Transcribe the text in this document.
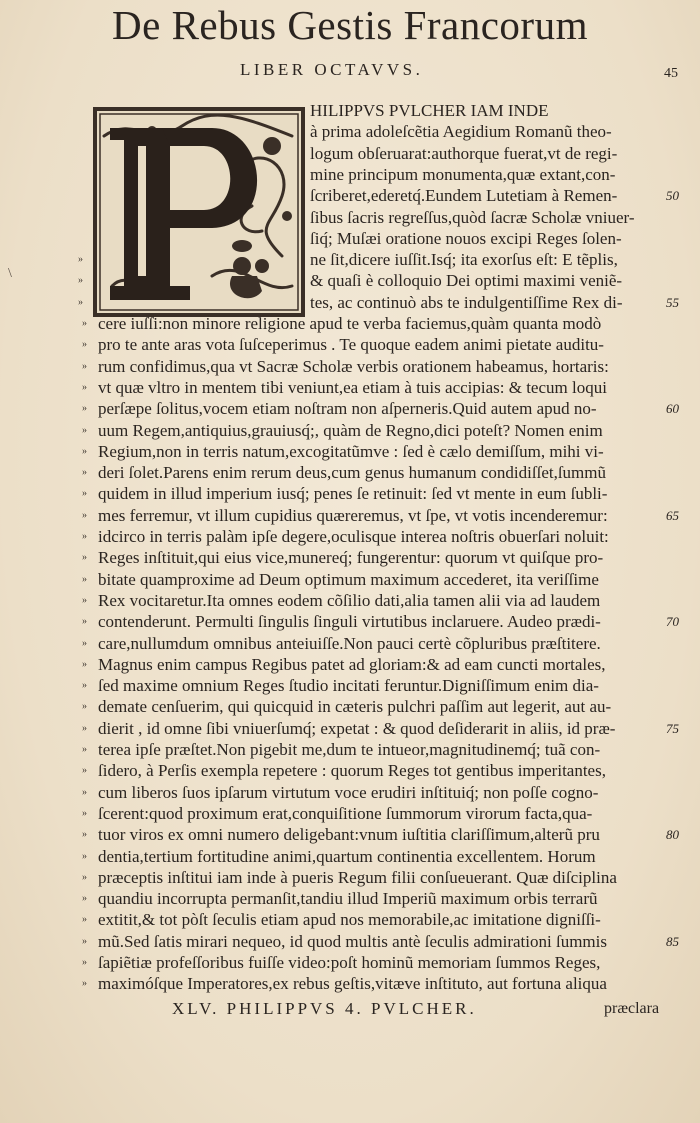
De Rebus Gestis Francorum
LIBER OCTAVVS.	45
\
HILIPPVS PVLCHER IAM INDE
à prima adoleſcẽtia Aegidium Romanũ theo-
logum obſeruarat:authorque fuerat,vt de regi-
mine principum monumenta,quæ extant,con-
ſcriberet,ederetq́.Eundem Lutetiam à Remen-	50
ſibus ſacris regreſſus,quòd ſacræ Scholæ vniuer-
ſiq́; Muſæi oratione nouos excipi Reges ſolen-
ne ſit,dicere iuſſit.Isq́; ita exorſus eſt: E tẽplis,
»
& quaſi è colloquio Dei optimi maximi veniẽ-
»
tes, ac continuò abs te indulgentiſſime Rex di-
»	55
cere iuſſi:non minore religione apud te verba faciemus,quàm quanta modò
»
pro te ante aras vota ſuſceperimus . Te quoque eadem animi pietate auditu-
»
rum confidimus,qua vt Sacræ Scholæ verbis orationem habeamus, hortaris:
»
vt quæ vltro in mentem tibi veniunt,ea etiam à tuis accipias: & tecum loqui
»
perſæpe ſolitus,vocem etiam noſtram non aſperneris.Quid autem apud no-
»	60
uum Regem,antiquius,grauiusq́;, quàm de Regno,dici poteſt? Nomen enim
»
Regium,non in terris natum,excogitatũmve : ſed è cælo demiſſum, mihi vi-
»
deri ſolet.Parens enim rerum deus,cum genus humanum condidiſſet,ſummũ
»
quidem in illud imperium iusq́; penes ſe retinuit: ſed vt mente in eum ſubli-
»
mes ferremur, vt illum cupidius quæreremus, vt ſpe, vt votis incenderemur:
»	65
idcirco in terris palàm ipſe degere,oculisque interea noſtris obuerſari noluit:
»
Reges inſtituit,qui eius vice,munereq́; fungerentur: quorum vt quiſque pro-
»
bitate quamproxime ad Deum optimum maximum accederet, ita veriſſime
»
Rex vocitaretur.Ita omnes eodem cõſilio dati,alia tamen alii via ad laudem
»
contenderunt. Permulti ſingulis ſinguli virtutibus inclaruere. Audeo prædi-
»	70
care,nullumdum omnibus anteiuiſſe.Non pauci certè cõpluribus præſtitere.
»
Magnus enim campus Regibus patet ad gloriam:& ad eam cuncti mortales,
»
ſed maxime omnium Reges ſtudio incitati feruntur.Digniſſimum enim dia-
»
demate cenſuerim, qui quicquid in cæteris pulchri paſſim aut legerit, aut au-
»
dierit , id omne ſibi vniuerſumq́; expetat : & quod deſiderarit in aliis, id præ-
»	75
terea ipſe præſtet.Non pigebit me,dum te intueor,magnitudinemq́; tuã con-
»
ſidero, à Perſis exempla repetere : quorum Reges tot gentibus imperitantes,
»
cum liberos ſuos ipſarum virtutum voce erudiri inſtituiq́; non poſſe cogno-
»
ſcerent:quod proximum erat,conquiſitione ſummorum virorum facta,qua-
»
tuor viros ex omni numero deligebant:vnum iuſtitia clariſſimum,alterũ pru
»	80
dentia,tertium fortitudine animi,quartum continentia excellentem. Horum
»
præceptis inſtitui iam inde à pueris Regum filii conſueuerant. Quæ diſciplina
»
quandiu incorrupta permanſit,tandiu illud Imperiũ maximum orbis terrarũ
»
extitit,& tot pòſt ſeculis etiam apud nos memorabile,ac imitatione digniſſi-
»
mũ.Sed ſatis mirari nequeo, id quod multis antè ſeculis admirationi ſummis
»	85
ſapiẽtiæ profeſſoribus fuiſſe video:poſt hominũ memoriam ſummos Reges,
»
maximóſque Imperatores,ex rebus geſtis,vitæve inſtituto, aut fortuna aliqua
»
XLV. PHILIPPVS 4. PVLCHER.	præclara
